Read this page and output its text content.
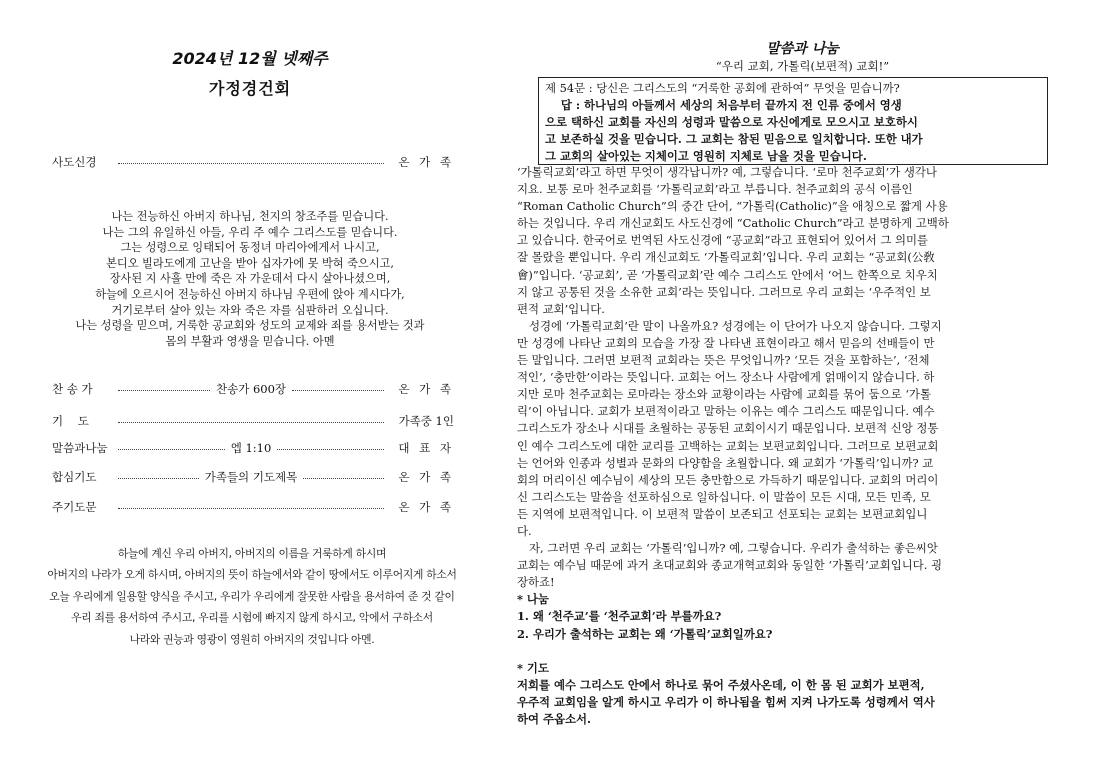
2024년 12월 넷째주
가정경건회
사도신경	온 가 족
나는 전능하신 아버지 하나님, 천지의 창조주를 믿습니다.
나는 그의 유일하신 아들, 우리 주 예수 그리스도를 믿습니다.
그는 성령으로 잉태되어 동정녀 마리아에게서 나시고,
본디오 빌라도에게 고난을 받아 십자가에 못 박혀 죽으시고,
장사된 지 사흘 만에 죽은 자 가운데서 다시 살아나셨으며,
하늘에 오르시어 전능하신 아버지 하나님 우편에 앉아 계시다가,
거기로부터 살아 있는 자와 죽은 자를 심판하러 오십니다.
나는 성령을 믿으며, 거룩한 공교회와 성도의 교제와 죄를 용서받는 것과
몸의 부활과 영생을 믿습니다. 아멘
찬 송 가	찬송가 600장	온 가 족
기    도	가족중 1인
말씀과나눔	엡 1:10	대 표 자
합심기도	가족들의 기도제목	온 가 족
주기도문	온 가 족
하늘에 계신 우리 아버지, 아버지의 이름을 거룩하게 하시며
아버지의 나라가 오게 하시며, 아버지의 뜻이 하늘에서와 같이 땅에서도 이루어지게 하소서
오늘 우리에게 일용할 양식을 주시고, 우리가 우리에게 잘못한 사람을 용서하여 준 것 같이
우리 죄를 용서하여 주시고, 우리를 시험에 빠지지 않게 하시고, 악에서 구하소서
나라와 권능과 영광이 영원히 아버지의 것입니다 아멘.
말씀과 나눔
“우리 교회, 가톨릭(보편적) 교회!”
제 54문 : 당신은 그리스도의 “거룩한 공회에 관하여” 무엇을 믿습니까?
답 : 하나님의 아들께서 세상의 처음부터 끝까지 전 인류 중에서 영생
으로 택하신 교회를 자신의 성령과 말씀으로 자신에게로 모으시고 보호하시
고 보존하실 것을 믿습니다. 그 교회는 참된 믿음으로 일치합니다. 또한 내가
그 교회의 살아있는 지체이고 영원히 지체로 남을 것을 믿습니다.
‘가톨릭교회’라고 하면 무엇이 생각납니까? 예, 그렇습니다. ‘로마 천주교회’가 생각나
지요. 보통 로마 천주교회를 ‘가톨릭교회’라고 부릅니다. 천주교회의 공식 이름인
“Roman Catholic Church”의 중간 단어, “가톨릭(Catholic)”을 애칭으로 짧게 사용
하는 것입니다. 우리 개신교회도 사도신경에 “Catholic Church”라고 분명하게 고백하
고 있습니다. 한국어로 번역된 사도신경에 “공교회”라고 표현되어 있어서 그 의미를
잘 몰랐을 뿐입니다. 우리 개신교회도 ‘가톨릭교회’입니다. 우리 교회는 “공교회(公敎
會)”입니다. ‘공교회’, 곧 ‘가톨릭교회’란 예수 그리스도 안에서 ‘어느 한쪽으로 치우치
지 않고 공통된 것을 소유한 교회’라는 뜻입니다. 그러므로 우리 교회는 ‘우주적인 보
편적 교회’입니다.
성경에 ‘가톨릭교회’란 말이 나올까요? 성경에는 이 단어가 나오지 않습니다. 그렇지
만 성경에 나타난 교회의 모습을 가장 잘 나타낸 표현이라고 해서 믿음의 선배들이 만
든 말입니다. 그러면 보편적 교회라는 뜻은 무엇입니까? ‘모든 것을 포함하는’, ‘전체
적인’, ‘충만한’이라는 뜻입니다. 교회는 어느 장소나 사람에게 얽매이지 않습니다. 하
지만 로마 천주교회는 로마라는 장소와 교황이라는 사람에 교회를 묶어 둠으로 ‘가톨
릭’이 아닙니다. 교회가 보편적이라고 말하는 이유는 예수 그리스도 때문입니다. 예수
그리스도가 장소나 시대를 초월하는 공동된 교회이시기 때문입니다. 보편적 신앙 정통
인 예수 그리스도에 대한 교리를 고백하는 교회는 보편교회입니다. 그러므로 보편교회
는 언어와 인종과 성별과 문화의 다양함을 초월합니다. 왜 교회가 ‘가톨릭’입니까? 교
회의 머리이신 예수님이 세상의 모든 충만함으로 가득하기 때문입니다. 교회의 머리이
신 그리스도는 말씀을 선포하심으로 일하십니다. 이 말씀이 모든 시대, 모든 민족, 모
든 지역에 보편적입니다. 이 보편적 말씀이 보존되고 선포되는 교회는 보편교회입니
다.
자, 그러면 우리 교회는 ‘가톨릭’입니까? 예, 그렇습니다. 우리가 출석하는 좋은씨앗
교회는 예수님 때문에 과거 초대교회와 종교개혁교회와 동일한 ‘가톨릭’교회입니다. 굉
장하죠!
* 나눔
1. 왜 ‘천주교’를 ‘천주교회’라 부를까요?
2. 우리가 출석하는 교회는 왜 ‘가톨릭’교회일까요?
* 기도
저희를 예수 그리스도 안에서 하나로 묶어 주셨사온데, 이 한 몸 된 교회가 보편적,
우주적 교회임을 알게 하시고 우리가 이 하나됨을 힘써 지켜 나가도록 성령께서 역사
하여 주옵소서.
